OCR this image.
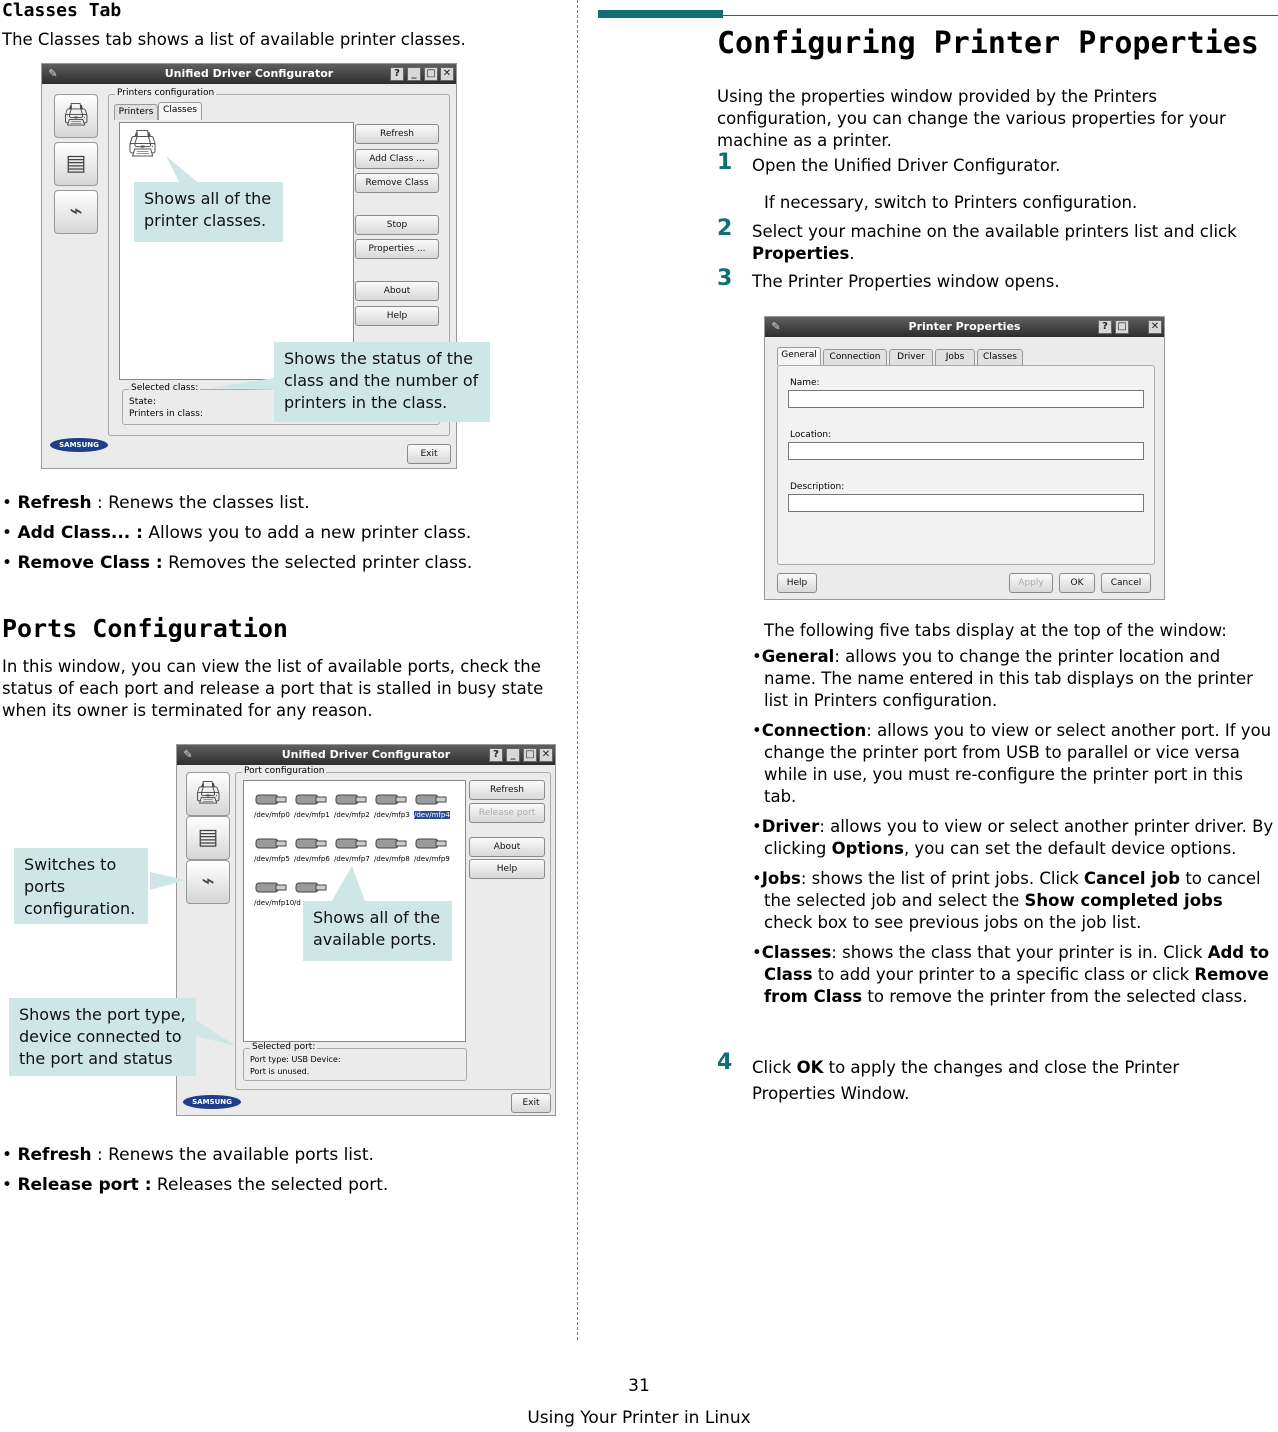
Classes Tab
The Classes tab shows a list of available printer classes.
✎	Unified Driver Configurator	?	_ □ ✕
🖨
▤
⌁
Printers configuration
Printers	Classes
🖨	Refresh
Add Class ...
Remove Class
Stop
Properties ...
About
Help
Selected class:
State:
Printers in class:
SAMSUNG
Exit
Shows all of the printer classes.
Shows the status of the class and the number of printers in the class.
• Refresh : Renews the classes list.
• Add Class... : Allows you to add a new printer class.
• Remove Class : Removes the selected printer class.
Ports Configuration
In this window, you can view the list of available ports, check the status of each port and release a port that is stalled in busy state when its owner is terminated for any reason.
✎	Unified Driver Configurator	?	_ □ ✕
🖨
▤
⌁
Port configuration
/dev/mfp0 /dev/mfp1 /dev/mfp2 /dev/mfp3 /dev/mfp4
/dev/mfp5 /dev/mfp6 /dev/mfp7 /dev/mfp8 /dev/mfp9
/dev/mfp10 /d
Refresh
Release port
About
Help
Selected port:
Port type: USB Device:
Port is unused.
SAMSUNG	Exit
Switches to ports configuration.	Shows all of the available ports.
Shows the port type, device connected to the port and status
• Refresh : Renews the available ports list.
• Release port : Releases the selected port.
Configuring Printer Properties
Using the properties window provided by the Printers configuration, you can change the various properties for your machine as a printer.
1 Open the Unified Driver Configurator.
If necessary, switch to Printers configuration.
2 Select your machine on the available printers list and click Properties.
3 The Printer Properties window opens.
✎	Printer Properties	? □ ✕
General	Connection	Driver	Jobs	Classes
Name:
Location:
Description:
Help	Apply	OK	Cancel
The following five tabs display at the top of the window:
•General: allows you to change the printer location and name. The name entered in this tab displays on the printer list in Printers configuration.
•Connection: allows you to view or select another port. If you change the printer port from USB to parallel or vice versa while in use, you must re-configure the printer port in this tab.
•Driver: allows you to view or select another printer driver. By clicking Options, you can set the default device options.
•Jobs: shows the list of print jobs. Click Cancel job to cancel the selected job and select the Show completed jobs check box to see previous jobs on the job list.
•Classes: shows the class that your printer is in. Click Add to Class to add your printer to a specific class or click Remove from Class to remove the printer from the selected class.
4 Click OK to apply the changes and close the Printer Properties Window.
31
Using Your Printer in Linux
